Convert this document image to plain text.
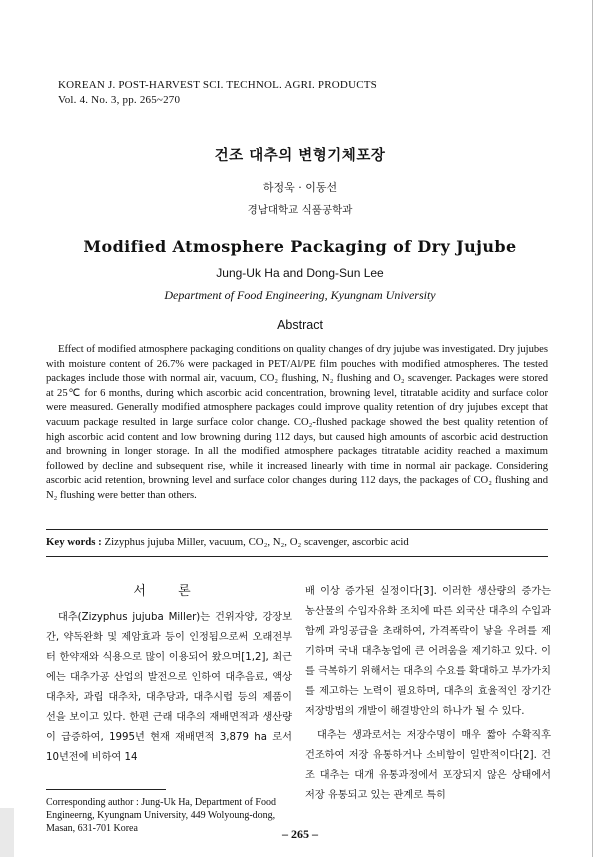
KOREAN J. POST-HARVEST SCI. TECHNOL. AGRI. PRODUCTS
Vol. 4. No. 3, pp. 265~270
건조 대추의 변형기체포장
하정욱 · 이동선
경남대학교 식품공학과
Modified Atmosphere Packaging of Dry Jujube
Jung-Uk Ha and Dong-Sun Lee
Department of Food Engineering, Kyungnam University
Abstract

Effect of modified atmosphere packaging conditions on quality changes of dry jujube was investigated. Dry jujubes with moisture content of 26.7% were packaged in PET/Al/PE film pouches with modified atmospheres. The tested packages include those with normal air, vacuum, CO₂ flushing, N₂ flushing and O₂ scavenger. Packages were stored at 25℃ for 6 months, during which ascorbic acid concentration, browning level, titratable acidity and surface color were measured. Generally modified atmosphere packages could improve quality retention of dry jujubes except that vacuum package resulted in large surface color change. CO₂-flushed package showed the best quality retention of high ascorbic acid content and low browning during 112 days, but caused high amounts of ascorbic acid destruction and browning in longer storage. In all the modified atmosphere packages titratable acidity reached a maximum followed by decline and subsequent rise, while it increased linearly with time in normal air package. Considering ascorbic acid retention, browning level and surface color changes during 112 days, the packages of CO₂ flushing and N₂ flushing were better than others.

Key words : Zizyphus jujuba Miller, vacuum, CO₂, N₂, O₂ scavenger, ascorbic acid
서 론

대추(Zizyphus jujuba Miller)는 건위자양, 강장보간, 약독완화 및 제암효과 등이 인정됨으로써 오래전부터 한약재와 식용으로 많이 이용되어 왔으며[1,2], 최근에는 대추가공 산업의 발전으로 인하여 대추음료, 액상 대추차, 과립 대추차, 대추당과, 대추시럽 등의 제품이 선을 보이고 있다. 한편 근래 대추의 재배면적과 생산량이 급증하여, 1995년 현재 재배면적 3,879 ha 로서 10년전에 비하여 14

배 이상 증가된 실정이다[3]. 이러한 생산량의 증가는 농산물의 수입자유화 조치에 따른 외국산 대추의 수입과 함께 과잉공급을 초래하여, 가격폭락이 낳을 우려를 제기하며 국내 대추농업에 큰 어려움을 제기하고 있다. 이를 극복하기 위해서는 대추의 수요를 확대하고 부가가치를 제고하는 노력이 필요하며, 대추의 효율적인 장기간 저장방법의 개발이 해결방안의 하나가 될 수 있다.

대추는 생과로서는 저장수명이 매우 짧아 수확직후 건조하여 저장 유통하거나 소비함이 일반적이다[2]. 건조 대추는 대개 유통과정에서 포장되지 않은 상태에서 저장 유통되고 있는 관계로 특히

Corresponding author : Jung-Uk Ha, Department of Food Engineerng, Kyungnam University, 449 Wolyoung-dong, Masan, 631-701 Korea	– 265 –
